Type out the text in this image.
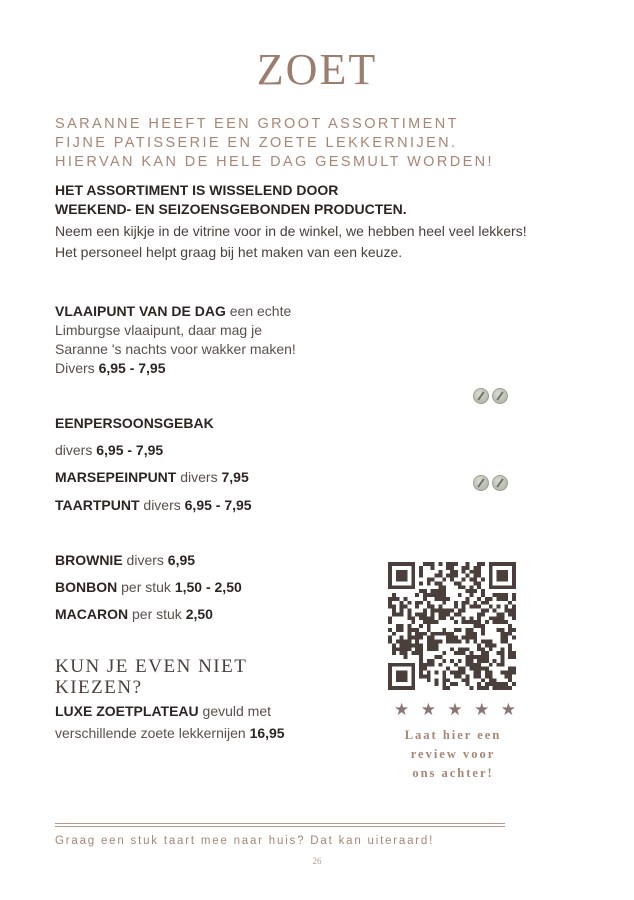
ZOET
SARANNE HEEFT EEN GROOT ASSORTIMENT
FIJNE PATISSERIE EN ZOETE LEKKERNIJEN.
HIERVAN KAN DE HELE DAG GESMULT WORDEN!
HET ASSORTIMENT IS WISSELEND DOOR
WEEKEND- EN SEIZOENSGEBONDEN PRODUCTEN.
Neem een kijkje in de vitrine voor in de winkel, we hebben heel veel lekkers!
Het personeel helpt graag bij het maken van een keuze.
VLAAIPUNT VAN DE DAG een echte
Limburgse vlaaipunt, daar mag je
Saranne 's nachts voor wakker maken!
Divers 6,95 - 7,95
EENPERSOONSGEBAK
divers 6,95 - 7,95
MARSEPEINPUNT divers 7,95
TAARTPUNT divers 6,95 - 7,95
BROWNIE divers 6,95
BONBON per stuk 1,50 - 2,50
MACARON per stuk 2,50
KUN JE EVEN NIET
KIEZEN?
LUXE ZOETPLATEAU gevuld met
verschillende zoete lekkernijen 16,95
★ ★ ★ ★ ★
Laat hier een
review voor
ons achter!
Graag een stuk taart mee naar huis? Dat kan uiteraard!
26
